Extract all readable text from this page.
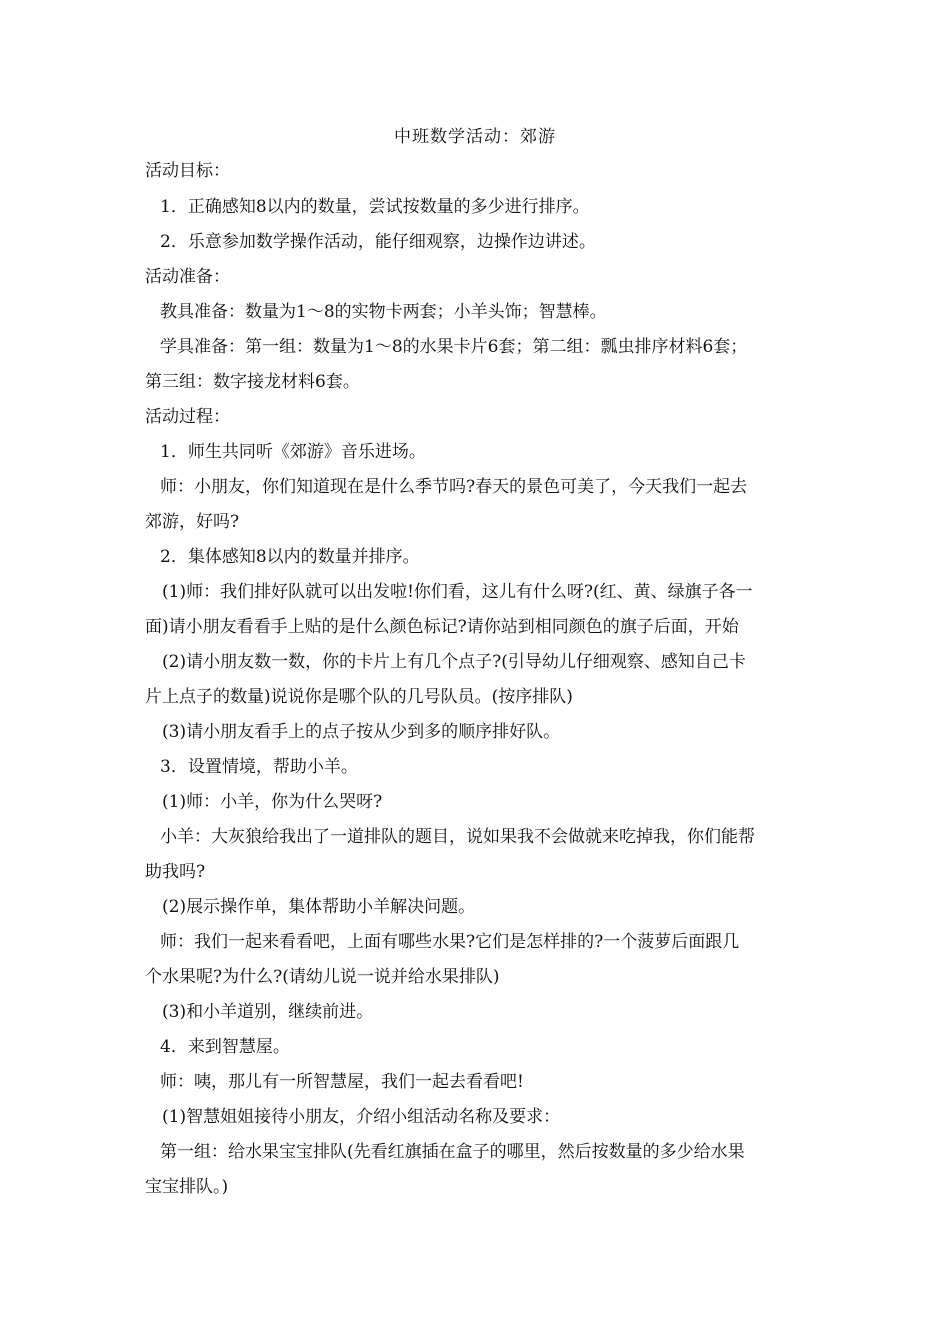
中班数学活动：郊游
活动目标：
1．正确感知8以内的数量，尝试按数量的多少进行排序。
2．乐意参加数学操作活动，能仔细观察，边操作边讲述。
活动准备：
教具准备：数量为1～8的实物卡两套；小羊头饰；智慧棒。
学具准备：第一组：数量为1～8的水果卡片6套；第二组：瓢虫排序材料6套；
第三组：数字接龙材料6套。
活动过程：
1．师生共同听《郊游》音乐进场。
师：小朋友，你们知道现在是什么季节吗?春天的景色可美了，今天我们一起去
郊游，好吗?
2．集体感知8以内的数量并排序。
(1)师：我们排好队就可以出发啦!你们看，这儿有什么呀?(红、黄、绿旗子各一
面)请小朋友看看手上贴的是什么颜色标记?请你站到相同颜色的旗子后面，开始
(2)请小朋友数一数，你的卡片上有几个点子?(引导幼儿仔细观察、感知自己卡
片上点子的数量)说说你是哪个队的几号队员。(按序排队)
(3)请小朋友看手上的点子按从少到多的顺序排好队。
3．设置情境，帮助小羊。
(1)师：小羊，你为什么哭呀?
小羊：大灰狼给我出了一道排队的题目，说如果我不会做就来吃掉我，你们能帮
助我吗?
(2)展示操作单，集体帮助小羊解决问题。
师：我们一起来看看吧，上面有哪些水果?它们是怎样排的?一个菠萝后面跟几
个水果呢?为什么?(请幼儿说一说并给水果排队)
(3)和小羊道别，继续前进。
4．来到智慧屋。
师：咦，那儿有一所智慧屋，我们一起去看看吧!
(1)智慧姐姐接待小朋友，介绍小组活动名称及要求：
第一组：给水果宝宝排队(先看红旗插在盒子的哪里，然后按数量的多少给水果
宝宝排队。)
